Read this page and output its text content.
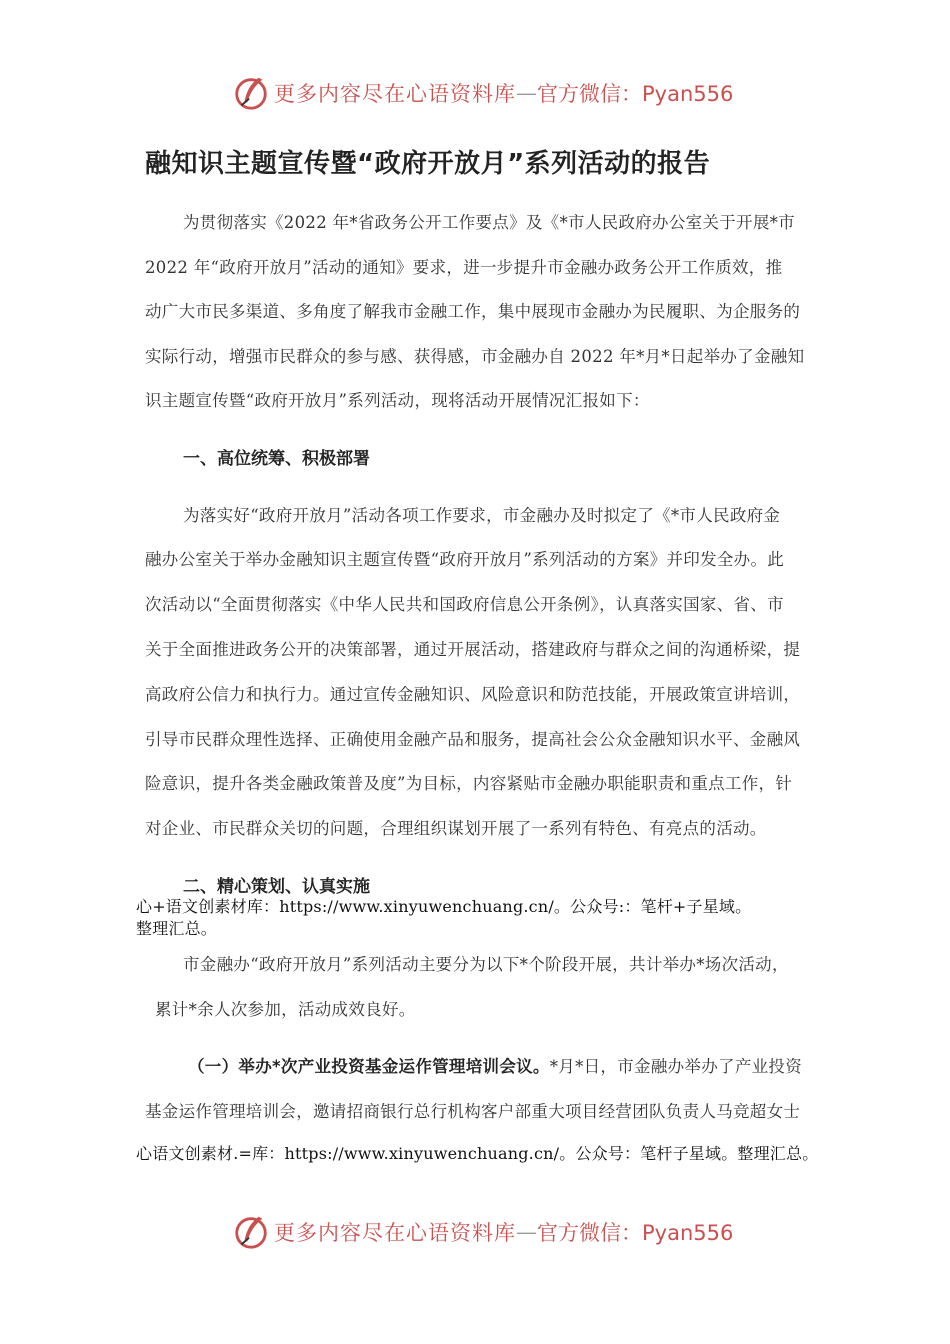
更多内容尽在心语资料库 — 官方微信：Pyan556
融知识主题宣传暨“政府开放月”系列活动的报告
为贯彻落实《2022 年*省政务公开工作要点》及《*市人民政府办公室关于开展*市
2022 年“政府开放月”活动的通知》要求，进一步提升市金融办政务公开工作质效，推
动广大市民多渠道、多角度了解我市金融工作，集中展现市金融办为民履职、为企服务的
实际行动，增强市民群众的参与感、获得感，市金融办自 2022 年*月*日起举办了金融知
识主题宣传暨“政府开放月”系列活动，现将活动开展情况汇报如下：
一、高位统筹、积极部署
为落实好“政府开放月”活动各项工作要求，市金融办及时拟定了《*市人民政府金
融办公室关于举办金融知识主题宣传暨“政府开放月”系列活动的方案》并印发全办。此
次活动以“全面贯彻落实《中华人民共和国政府信息公开条例》，认真落实国家、省、市
关于全面推进政务公开的决策部署，通过开展活动，搭建政府与群众之间的沟通桥梁，提
高政府公信力和执行力。通过宣传金融知识、风险意识和防范技能，开展政策宣讲培训，
引导市民群众理性选择、正确使用金融产品和服务，提高社会公众金融知识水平、金融风
险意识，提升各类金融政策普及度”为目标，内容紧贴市金融办职能职责和重点工作，针
对企业、市民群众关切的问题，合理组织谋划开展了一系列有特色、有亮点的活动。
二、精心策划、认真实施
心+语文创素材库：https://www.xinyuwenchuang.cn/。公众号:：笔杆+子星域。
整理汇总。
市金融办“政府开放月”系列活动主要分为以下*个阶段开展，共计举办*场次活动，
累计*余人次参加，活动成效良好。
（一）举办*次产业投资基金运作管理培训会议。*月*日，市金融办举办了产业投资
基金运作管理培训会，邀请招商银行总行机构客户部重大项目经营团队负责人马竞超女士
心语文创素材.=库：https://www.xinyuwenchuang.cn/。公众号：笔杆子星域。整理汇总。
更多内容尽在心语资料库 — 官方微信：Pyan556
